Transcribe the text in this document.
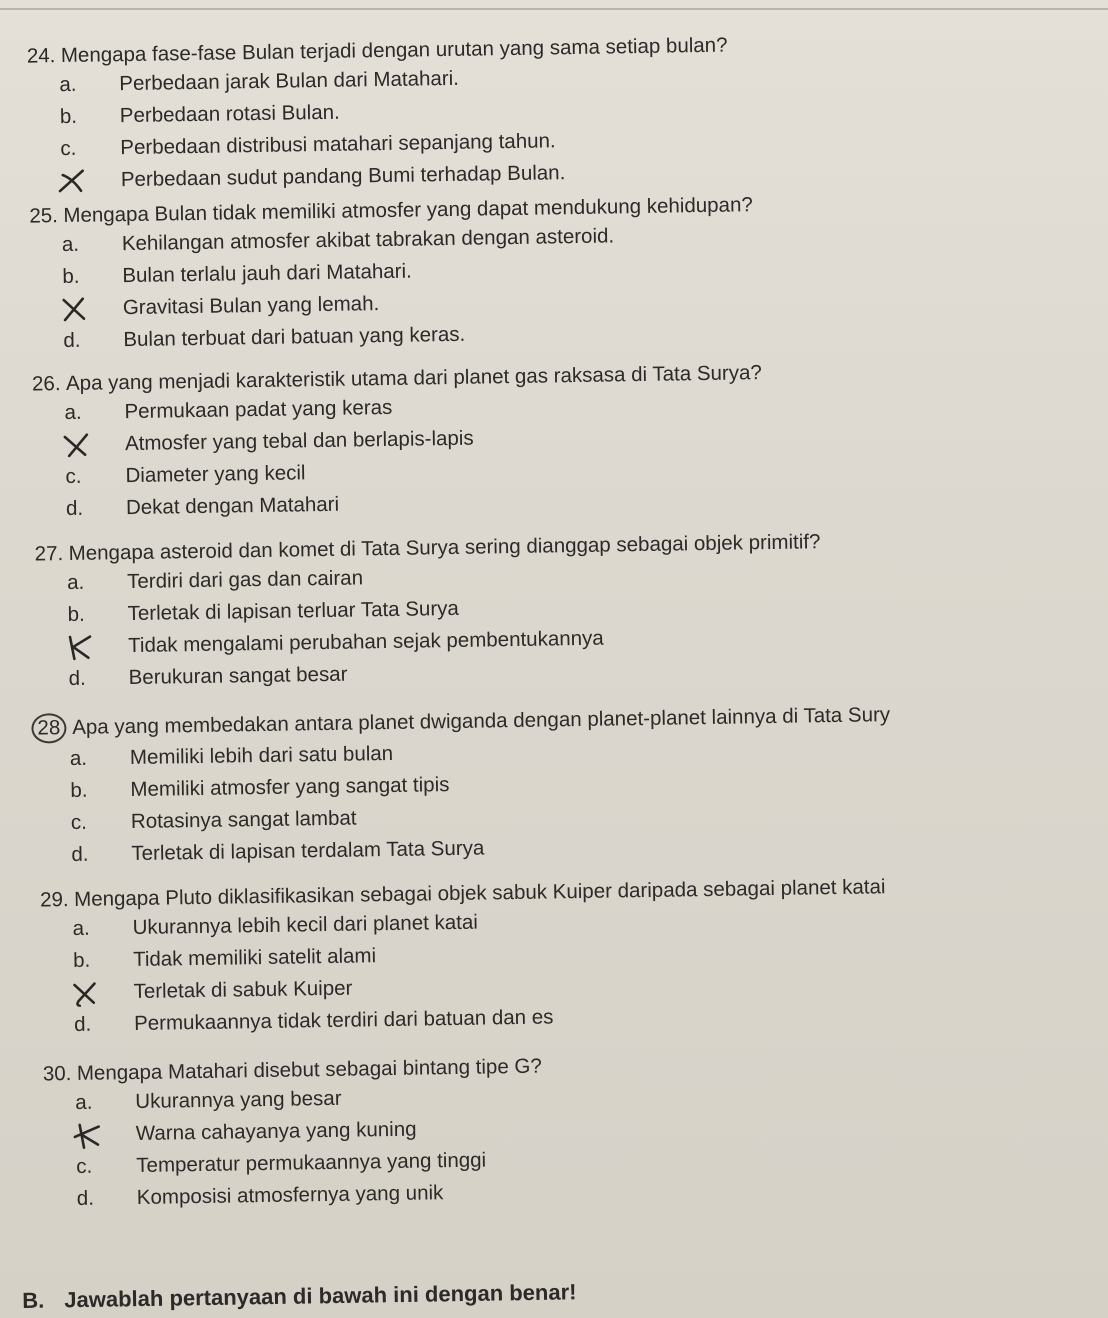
24. Mengapa fase-fase Bulan terjadi dengan urutan yang sama setiap bulan?
a.	Perbedaan jarak Bulan dari Matahari.
b.	Perbedaan rotasi Bulan.
c.	Perbedaan distribusi matahari sepanjang tahun.
Perbedaan sudut pandang Bumi terhadap Bulan.
25. Mengapa Bulan tidak memiliki atmosfer yang dapat mendukung kehidupan?
a.	Kehilangan atmosfer akibat tabrakan dengan asteroid.
b.	Bulan terlalu jauh dari Matahari.
Gravitasi Bulan yang lemah.
d.	Bulan terbuat dari batuan yang keras.
26. Apa yang menjadi karakteristik utama dari planet gas raksasa di Tata Surya?
a.	Permukaan padat yang keras
Atmosfer yang tebal dan berlapis-lapis
c.	Diameter yang kecil
d.	Dekat dengan Matahari
27. Mengapa asteroid dan komet di Tata Surya sering dianggap sebagai objek primitif?
a.	Terdiri dari gas dan cairan
b.	Terletak di lapisan terluar Tata Surya
Tidak mengalami perubahan sejak pembentukannya
d.	Berukuran sangat besar
28 Apa yang membedakan antara planet dwiganda dengan planet-planet lainnya di Tata Sury
a.	Memiliki lebih dari satu bulan
b.	Memiliki atmosfer yang sangat tipis
c.	Rotasinya sangat lambat
d.	Terletak di lapisan terdalam Tata Surya
29. Mengapa Pluto diklasifikasikan sebagai objek sabuk Kuiper daripada sebagai planet katai
a.	Ukurannya lebih kecil dari planet katai
b.	Tidak memiliki satelit alami
Terletak di sabuk Kuiper
d.	Permukaannya tidak terdiri dari batuan dan es
30. Mengapa Matahari disebut sebagai bintang tipe G?
a.	Ukurannya yang besar
Warna cahayanya yang kuning
c.	Temperatur permukaannya yang tinggi
d.	Komposisi atmosfernya yang unik
B. Jawablah pertanyaan di bawah ini dengan benar!
